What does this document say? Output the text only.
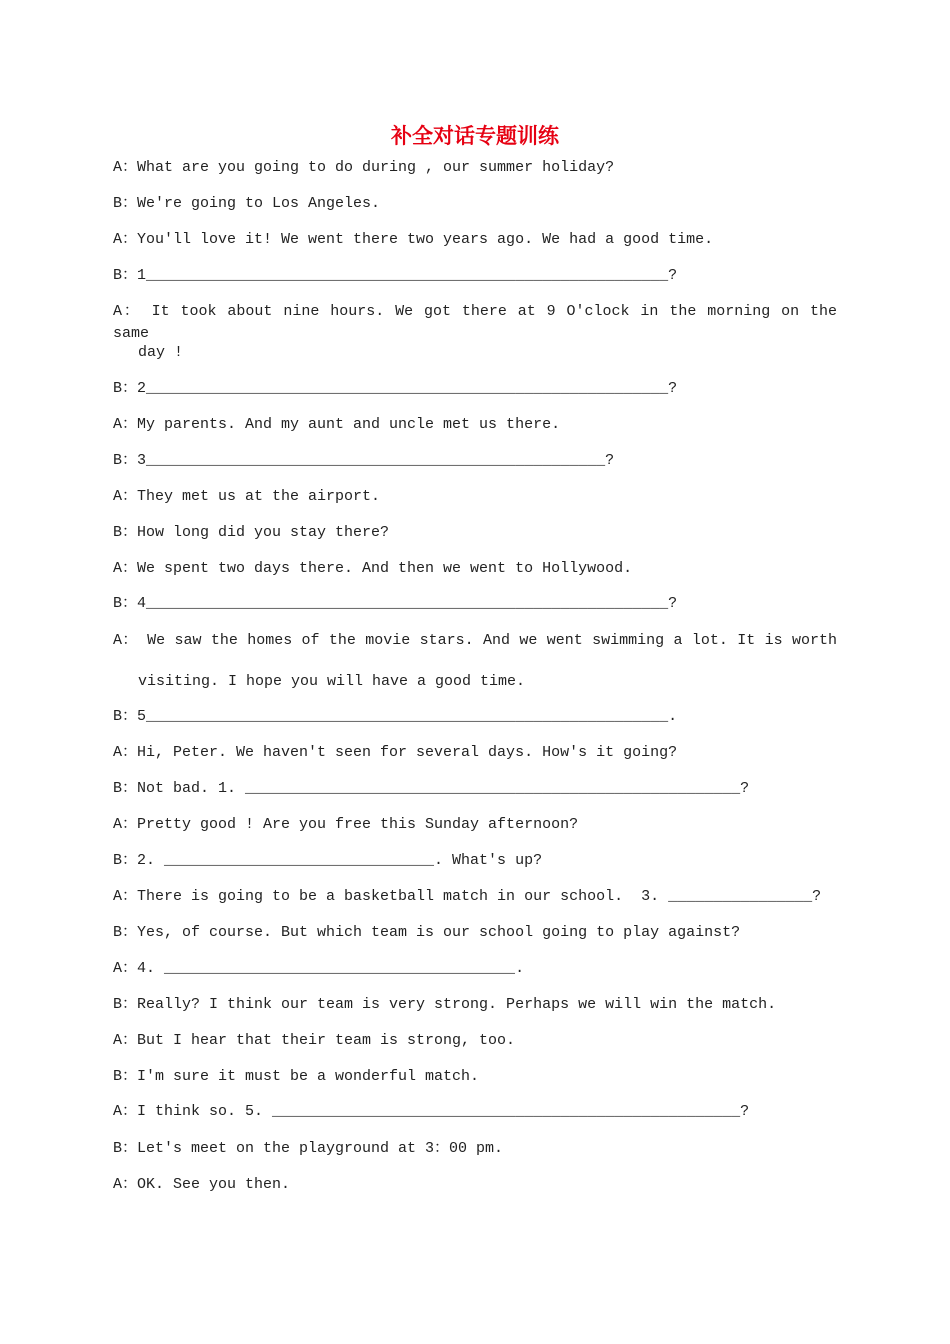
补全对话专题训练
A：What are you going to do during , our summer holiday?
B：We're going to Los Angeles.
A：You'll love it! We went there two years ago. We had a good time.
B：1__________________________________________________________?
A： It took about nine hours. We got there at 9 O'clock in the morning on the same
day !
B：2__________________________________________________________?
A：My parents. And my aunt and uncle met us there.
B：3___________________________________________________?
A：They met us at the airport.
B：How long did you stay there?
A：We spent two days there. And then we went to Hollywood.
B：4__________________________________________________________?
A： We saw the homes of the movie stars. And we went swimming a lot. It is worth
visiting. I hope you will have a good time.
B：5__________________________________________________________.
A：Hi, Peter. We haven't seen for several days. How's it going?
B：Not bad. 1. _______________________________________________________?
A：Pretty good ! Are you free this Sunday afternoon?
B：2. ______________________________. What's up?
A：There is going to be a basketball match in our school.  3. ________________?
B：Yes, of course. But which team is our school going to play against?
A：4. _______________________________________.
B：Really? I think our team is very strong. Perhaps we will win the match.
A：But I hear that their team is strong, too.
B：I'm sure it must be a wonderful match.
A：I think so. 5. ____________________________________________________?
B：Let's meet on the playground at 3：00 pm.
A：OK. See you then.
